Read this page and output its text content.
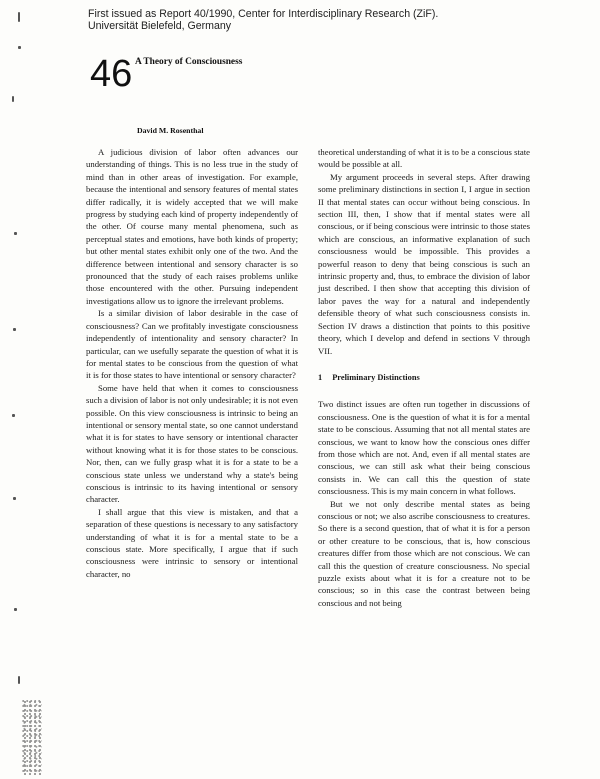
First issued as Report 40/1990, Center for Interdisciplinary Research (ZiF).
Universität Bielefeld, Germany
46 A Theory of Consciousness
David M. Rosenthal

A judicious division of labor often advances our understanding of things. This is no less true in the study of mind than in other areas of investigation. For example, because the intentional and sensory features of mental states differ radically, it is widely accepted that we will make progress by studying each kind of property independently of the other. Of course many mental phenomena, such as perceptual states and emotions, have both kinds of property; but other mental states exhibit only one of the two. And the difference between intentional and sensory character is so pronounced that the study of each raises problems unlike those encountered with the other. Pursuing independent investigations allow us to ignore the irrelevant problems.

Is a similar division of labor desirable in the case of consciousness? Can we profitably investigate consciousness independently of intentionality and sensory character? In particular, can we usefully separate the question of what it is for mental states to be conscious from the question of what it is for those states to have intentional or sensory character?

Some have held that when it comes to consciousness such a division of labor is not only undesirable; it is not even possible. On this view consciousness is intrinsic to being an intentional or sensory mental state, so one cannot understand what it is for states to have sensory or intentional character without knowing what it is for those states to be conscious. Nor, then, can we fully grasp what it is for a state to be a conscious state unless we understand why a state's being conscious is intrinsic to its having intentional or sensory character.

I shall argue that this view is mistaken, and that a separation of these questions is necessary to any satisfactory understanding of what it is for a mental state to be a conscious state. More specifically, I argue that if such consciousness were intrinsic to sensory or intentional character, no

theoretical understanding of what it is to be a conscious state would be possible at all.

My argument proceeds in several steps. After drawing some preliminary distinctions in section I, I argue in section II that mental states can occur without being conscious. In section III, then, I show that if mental states were all conscious, or if being conscious were intrinsic to those states which are conscious, an informative explanation of such consciousness would be impossible. This provides a powerful reason to deny that being conscious is such an intrinsic property and, thus, to embrace the division of labor just described. I then show that accepting this division of labor paves the way for a natural and independently defensible theory of what such consciousness consists in. Section IV draws a distinction that points to this positive theory, which I develop and defend in sections V through VII.

1 Preliminary Distinctions

Two distinct issues are often run together in discussions of consciousness. One is the question of what it is for a mental state to be conscious. Assuming that not all mental states are conscious, we want to know how the conscious ones differ from those which are not. And, even if all mental states are conscious, we can still ask what their being conscious consists in. We can call this the question of state consciousness. This is my main concern in what follows.

But we not only describe mental states as being conscious or not; we also ascribe consciousness to creatures. So there is a second question, that of what it is for a person or other creature to be conscious, that is, how conscious creatures differ from those which are not conscious. We can call this the question of creature consciousness. No special puzzle exists about what it is for a creature not to be conscious; so in this case the contrast between being conscious and not being
